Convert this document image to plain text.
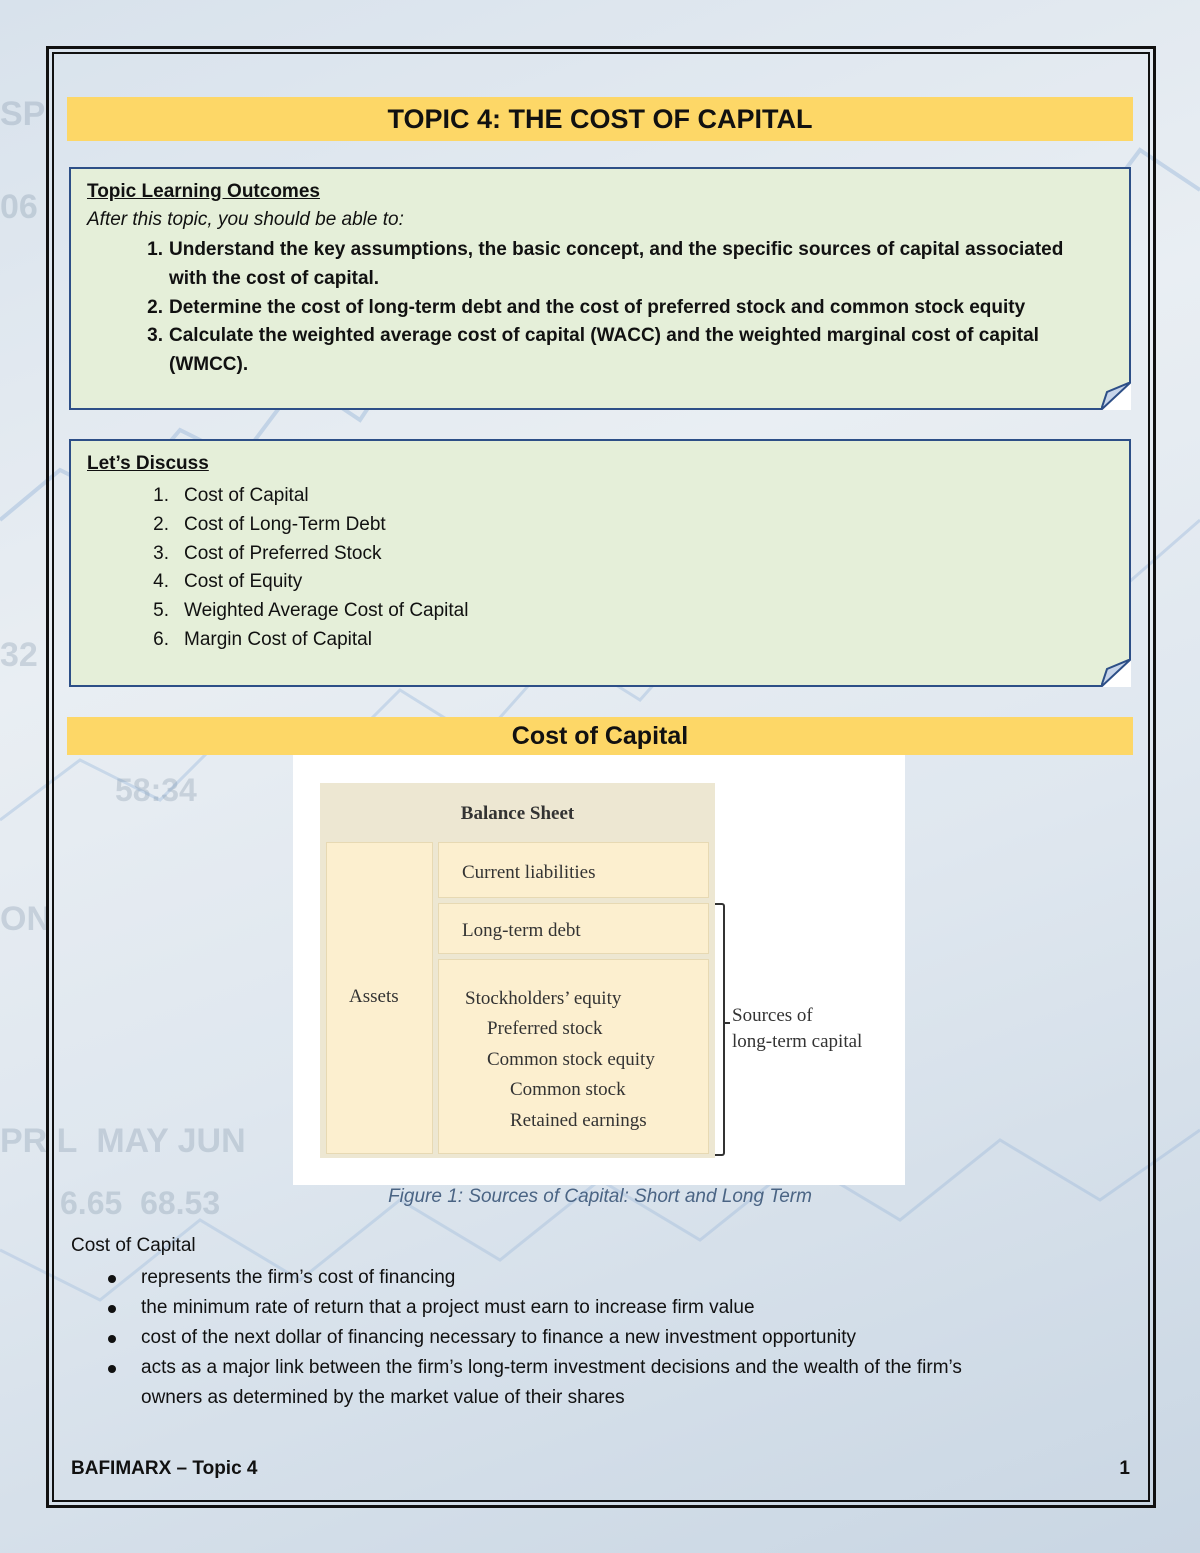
SP
06
32
58:34
ON
PR L  MAY JUN
6.65  68.53
TOPIC 4: THE COST OF CAPITAL
Topic Learning Outcomes
After this topic, you should be able to:
1. Understand the key assumptions, the basic concept, and the specific sources of capital associated
with the cost of capital.
2. Determine the cost of long-term debt and the cost of preferred stock and common stock equity
3. Calculate the weighted average cost of capital (WACC) and the weighted marginal cost of capital
(WMCC).
Let’s Discuss
1. Cost of Capital
2. Cost of Long-Term Debt
3. Cost of Preferred Stock
4. Cost of Equity
5. Weighted Average Cost of Capital
6. Margin Cost of Capital
Cost of Capital
Balance Sheet
Assets
Current liabilities
Long-term debt
Stockholders’ equity
Preferred stock
Common stock equity
Common stock
Retained earnings
Sources of
long-term capital
Figure 1: Sources of Capital: Short and Long Term
Cost of Capital
represents the firm’s cost of financing
the minimum rate of return that a project must earn to increase firm value
cost of the next dollar of financing necessary to finance a new investment opportunity
acts as a major link between the firm’s long-term investment decisions and the wealth of the firm’s
owners as determined by the market value of their shares
BAFIMARX – Topic 4	1
